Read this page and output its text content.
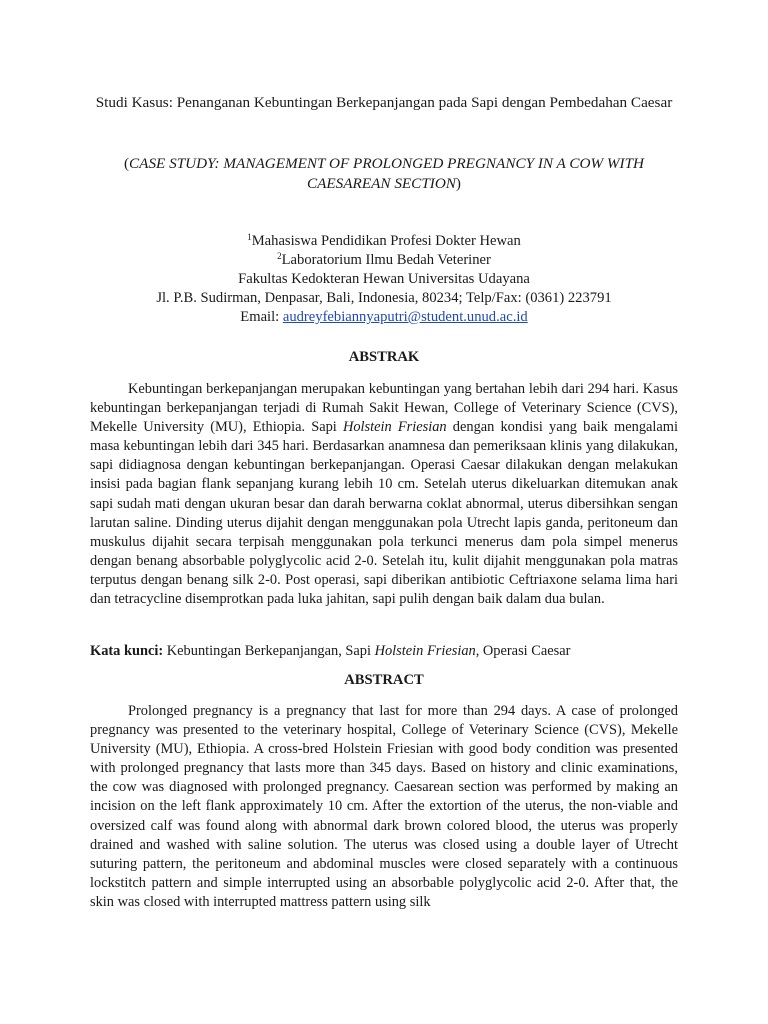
Studi Kasus: Penanganan Kebuntingan Berkepanjangan pada Sapi dengan Pembedahan Caesar
(CASE STUDY: MANAGEMENT OF PROLONGED PREGNANCY IN A COW WITH CAESAREAN SECTION)
$^1$Mahasiswa Pendidikan Profesi Dokter Hewan
$^2$Laboratorium Ilmu Bedah Veteriner
Fakultas Kedokteran Hewan Universitas Udayana
Jl. P.B. Sudirman, Denpasar, Bali, Indonesia, 80234; Telp/Fax: (0361) 223791
Email: audreyfebiannyaputri@student.unud.ac.id
ABSTRAK

Kebuntingan berkepanjangan merupakan kebuntingan yang bertahan lebih dari 294 hari. Kasus kebuntingan berkepanjangan terjadi di Rumah Sakit Hewan, College of Veterinary Science (CVS), Mekelle University (MU), Ethiopia. Sapi Holstein Friesian dengan kondisi yang baik mengalami masa kebuntingan lebih dari 345 hari. Berdasarkan anamnesa dan pemeriksaan klinis yang dilakukan, sapi didiagnosa dengan kebuntingan berkepanjangan. Operasi Caesar dilakukan dengan melakukan insisi pada bagian flank sepanjang kurang lebih 10 cm. Setelah uterus dikeluarkan ditemukan anak sapi sudah mati dengan ukuran besar dan darah berwarna coklat abnormal, uterus dibersihkan sengan larutan saline. Dinding uterus dijahit dengan menggunakan pola Utrecht lapis ganda, peritoneum dan muskulus dijahit secara terpisah menggunakan pola terkunci menerus dam pola simpel menerus dengan benang absorbable polyglycolic acid 2-0. Setelah itu, kulit dijahit menggunakan pola matras terputus dengan benang silk 2-0. Post operasi, sapi diberikan antibiotic Ceftriaxone selama lima hari dan tetracycline disemprotkan pada luka jahitan, sapi pulih dengan baik dalam dua bulan.

Kata kunci: Kebuntingan Berkepanjangan, Sapi Holstein Friesian, Operasi Caesar
ABSTRACT

Prolonged pregnancy is a pregnancy that last for more than 294 days. A case of prolonged pregnancy was presented to the veterinary hospital, College of Veterinary Science (CVS), Mekelle University (MU), Ethiopia. A cross-bred Holstein Friesian with good body condition was presented with prolonged pregnancy that lasts more than 345 days. Based on history and clinic examinations, the cow was diagnosed with prolonged pregnancy. Caesarean section was performed by making an incision on the left flank approximately 10 cm. After the extortion of the uterus, the non-viable and oversized calf was found along with abnormal dark brown colored blood, the uterus was properly drained and washed with saline solution. The uterus was closed using a double layer of Utrecht suturing pattern, the peritoneum and abdominal muscles were closed separately with a continuous lockstitch pattern and simple interrupted using an absorbable polyglycolic acid 2-0. After that, the skin was closed with interrupted mattress pattern using silk
